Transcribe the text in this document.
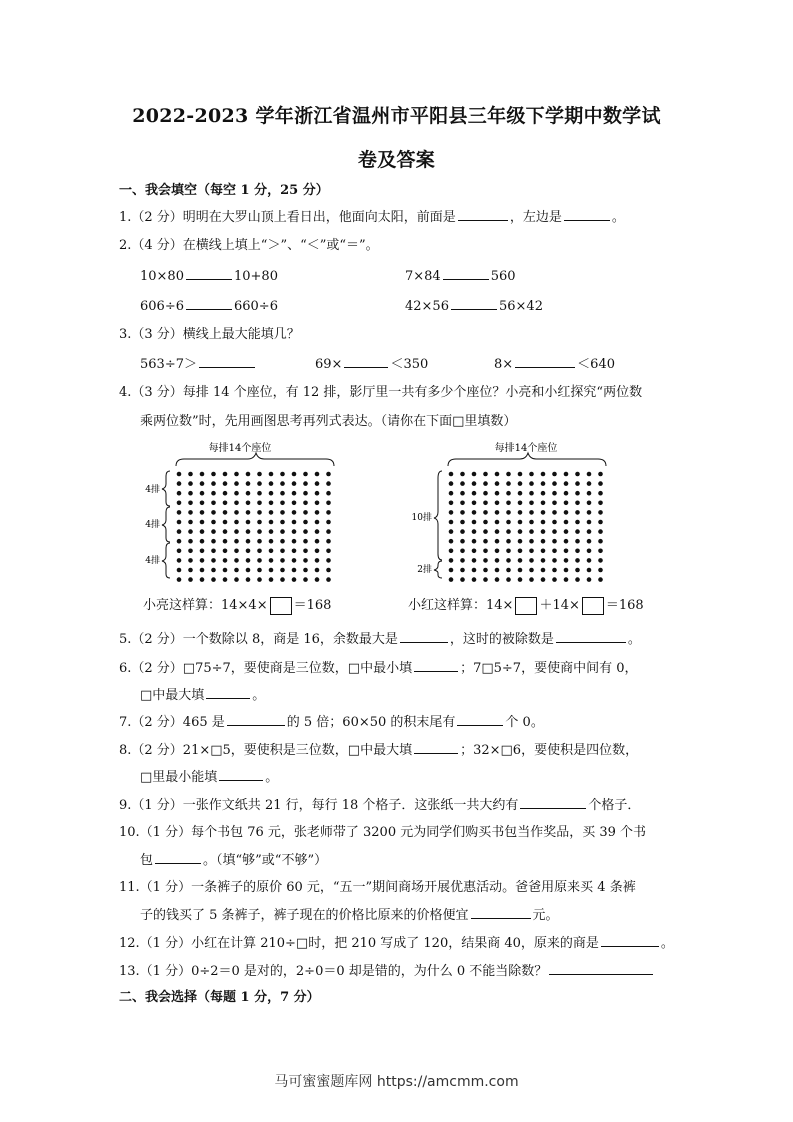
2022-2023 学年浙江省温州市平阳县三年级下学期中数学试
卷及答案
一、我会填空（每空 1 分，25 分）
1.（2 分）明明在大罗山顶上看日出，他面向太阳，前面是	，左边是	。
2.（4 分）在横线上填上“＞”、“＜”或“＝”。
10×80	10+80	7×84	560
606÷6	660÷6	42×56	56×42
3.（3 分）横线上最大能填几？
563÷7＞	69×	＜350	8×	＜640
4.（3 分）每排 14 个座位，有 12 排，影厅里一共有多少个座位？小亮和小红探究“两位数
乘两位数”时，先用画图思考再列式表达。（请你在下面□里填数）
每排14个座位
4排
4排
4排
每排14个座位
10排
2排
小亮这样算：14×4× ＝168	小红这样算：14× ＋14× ＝168
5.（2 分）一个数除以 8，商是 16，余数最大是	，这时的被除数是	。
6.（2 分）□75÷7，要使商是三位数，□中最小填	；7□5÷7，要使商中间有 0，
□中最大填	。
7.（2 分）465 是	的 5 倍；60×50 的积末尾有	个 0。
8.（2 分）21×□5，要使积是三位数，□中最大填	；32×□6，要使积是四位数，
□里最小能填	。
9.（1 分）一张作文纸共 21 行，每行 18 个格子．这张纸一共大约有	个格子．
10.（1 分）每个书包 76 元，张老师带了 3200 元为同学们购买书包当作奖品，买 39 个书
包	。（填“够”或“不够”）
11.（1 分）一条裤子的原价 60 元，“五一”期间商场开展优惠活动。爸爸用原来买 4 条裤
子的钱买了 5 条裤子，裤子现在的价格比原来的价格便宜	元。
12.（1 分）小红在计算 210÷□时，把 210 写成了 120，结果商 40，原来的商是	。
13.（1 分）0÷2＝0 是对的，2÷0＝0 却是错的，为什么 0 不能当除数？
二、我会选择（每题 1 分，7 分）
马可蜜蜜题库网 https://amcmm.com
